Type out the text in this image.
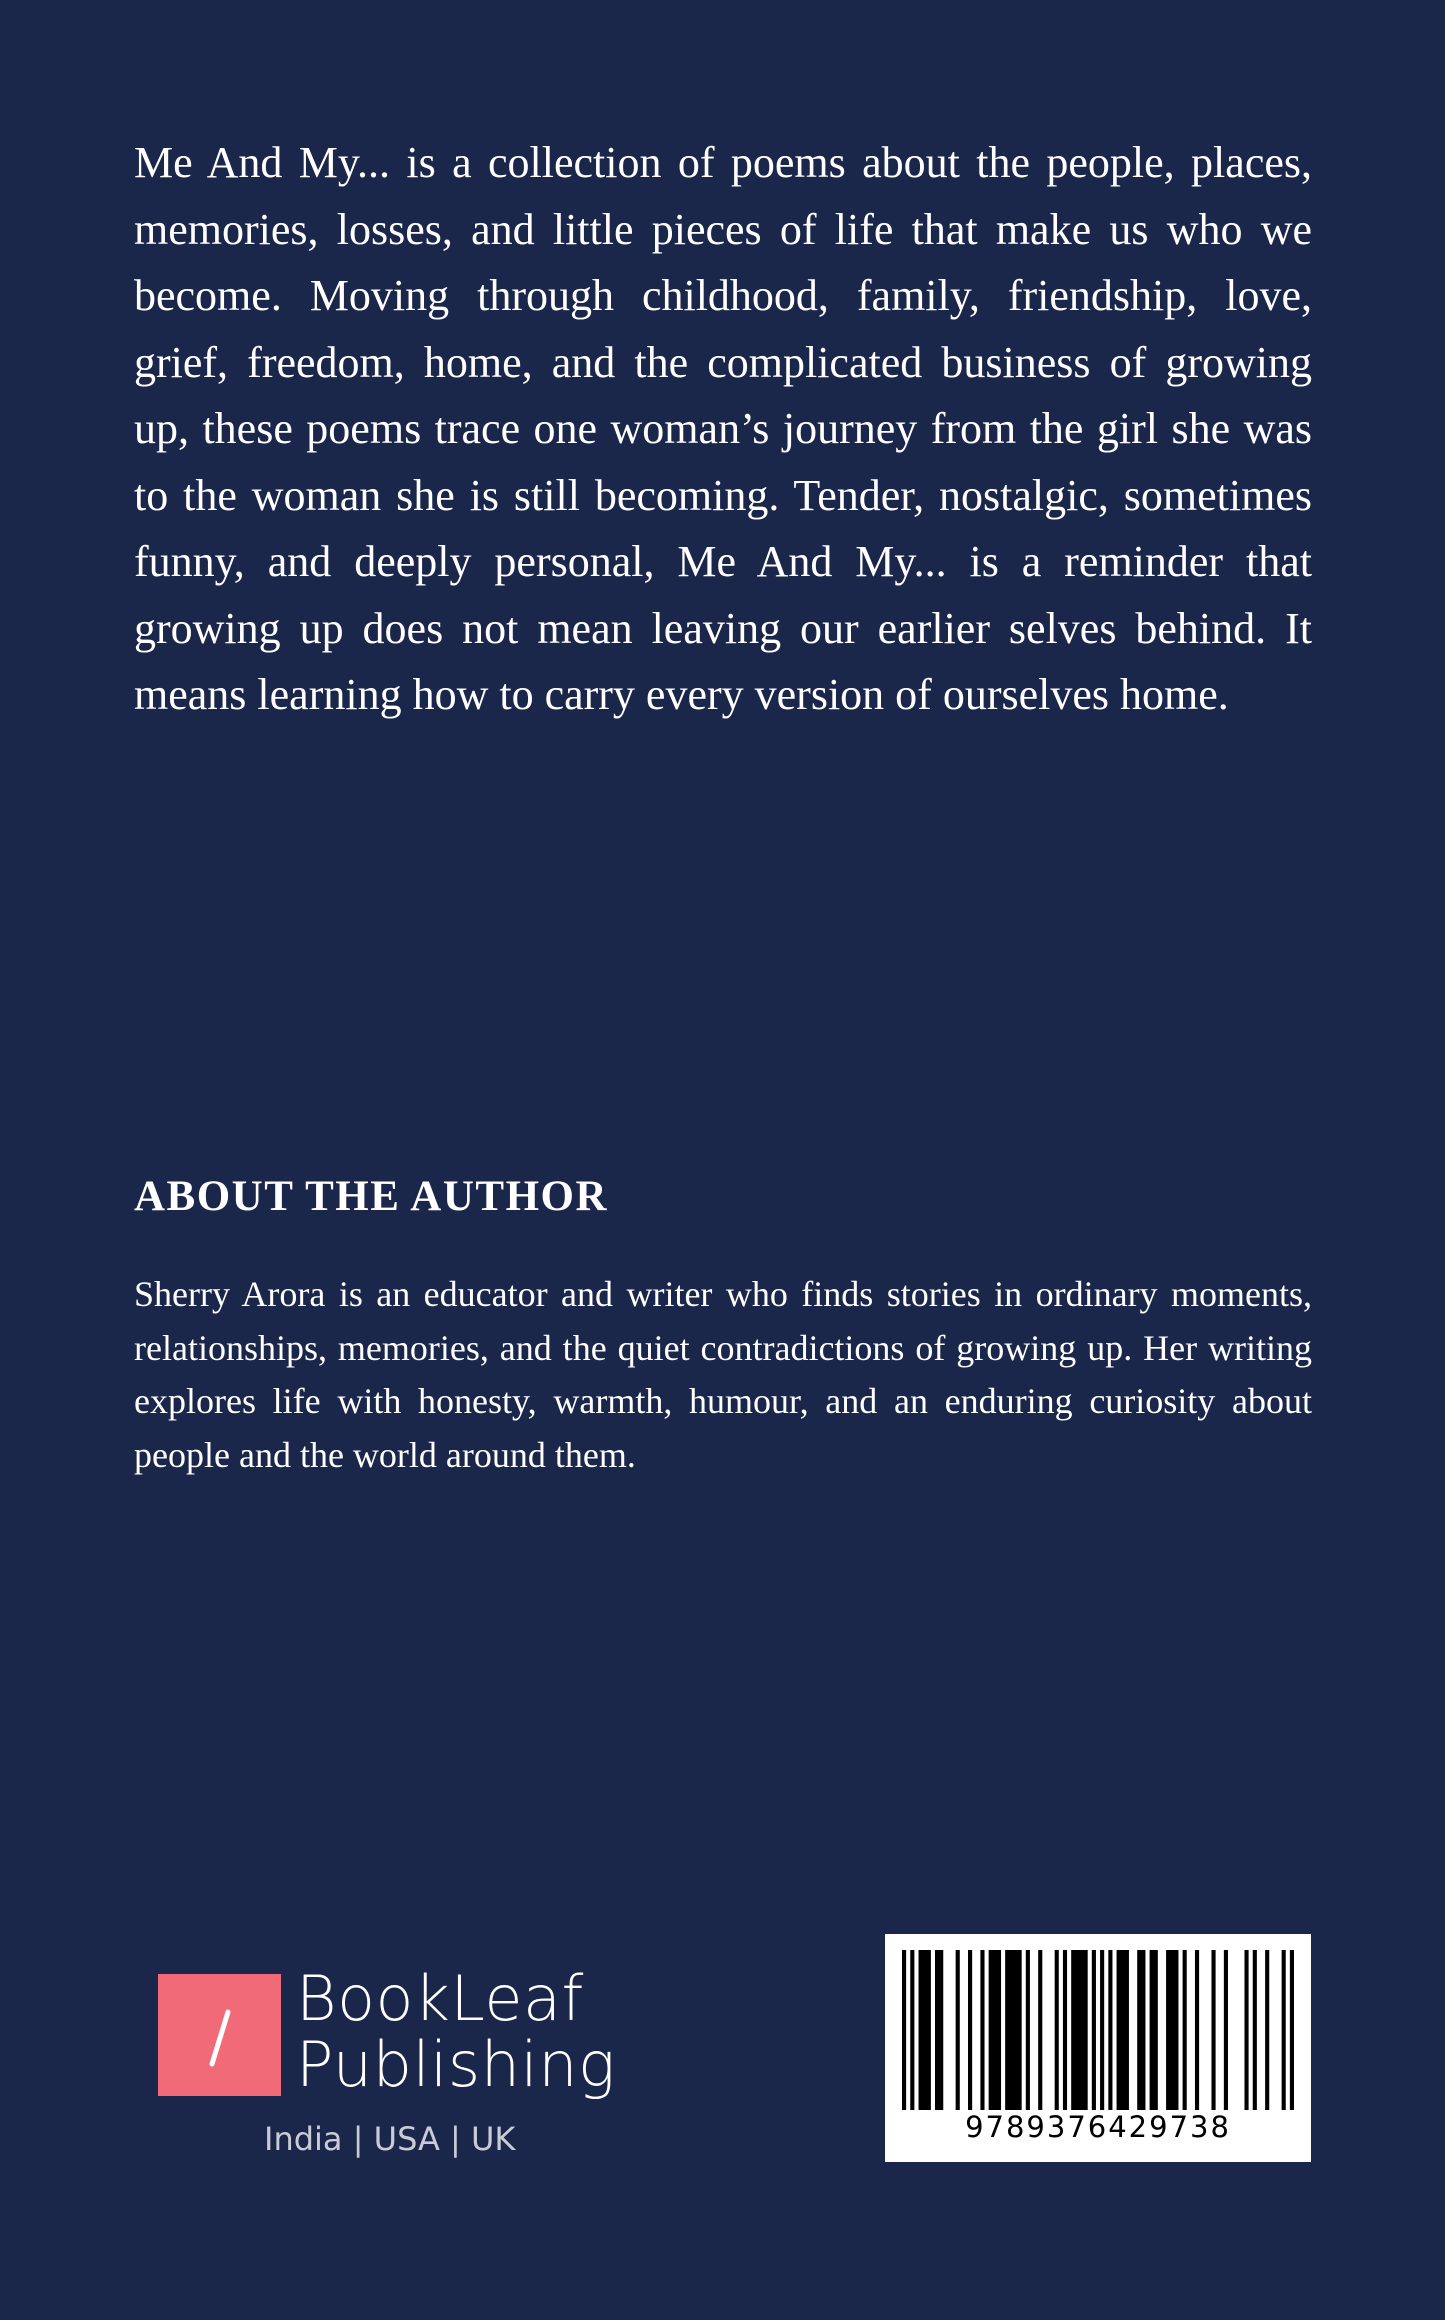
Me And My... is a collection of poems about the people, places, memories, losses, and little pieces of life that make us who we become. Moving through childhood, family, friendship, love, grief, freedom, home, and the complicated business of growing up, these poems trace one woman’s journey from the girl she was to the woman she is still becoming. Tender, nostalgic, sometimes funny, and deeply personal, Me And My... is a reminder that growing up does not mean leaving our earlier selves behind. It means learning how to carry every version of ourselves home.

ABOUT THE AUTHOR

Sherry Arora is an educator and writer who finds stories in ordinary moments, relationships, memories, and the quiet contradictions of growing up. Her writing explores life with honesty, warmth, humour, and an enduring curiosity about people and the world around them.

BookLeaf
Publishing
India | USA | UK	9789376429738
